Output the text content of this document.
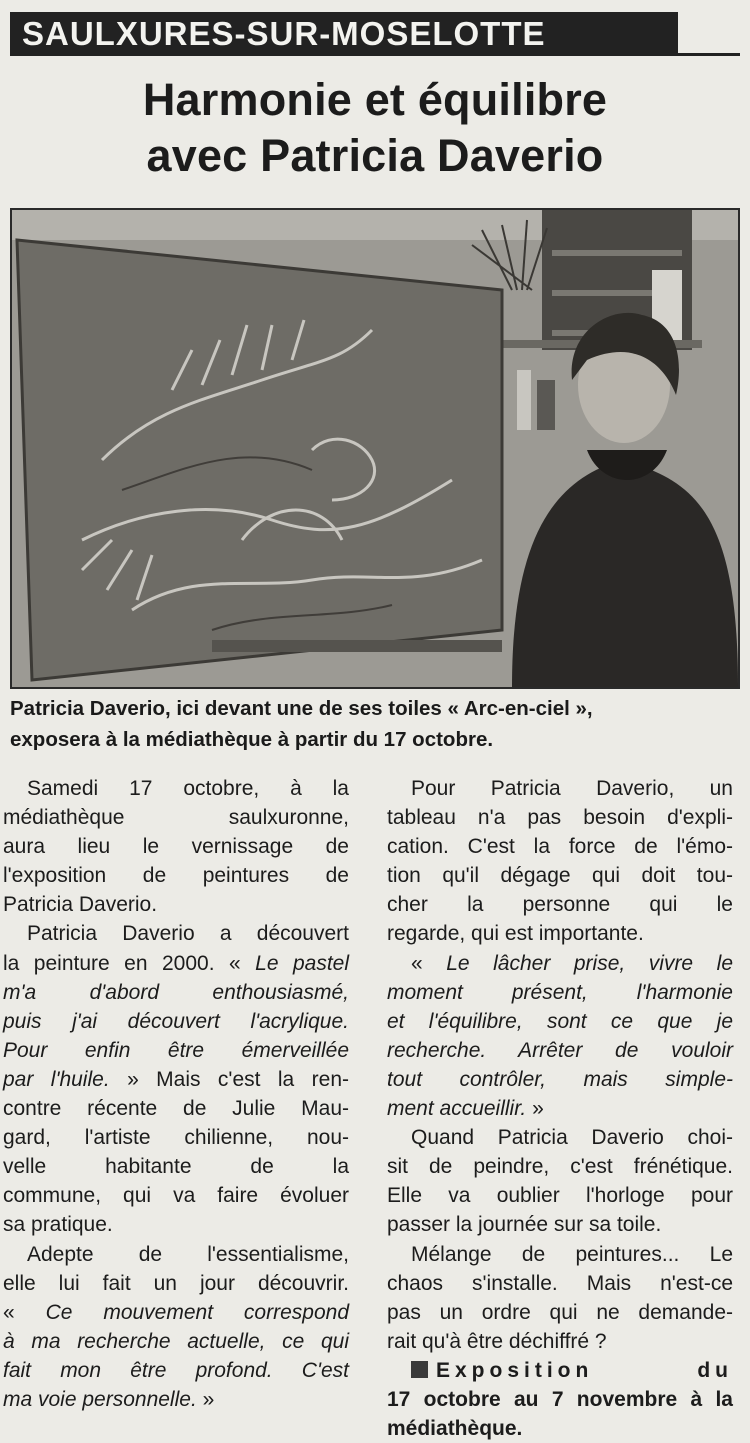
SAULXURES-SUR-MOSELOTTE
Harmonie et équilibre
avec Patricia Daverio
Patricia Daverio, ici devant une de ses toiles « Arc-en-ciel »,
exposera à la médiathèque à partir du 17 octobre.

Samedi 17 octobre, à la
médiathèque saulxuronne,
aura lieu le vernissage de
l'exposition de peintures de
Patricia Daverio.

Patricia Daverio a découvert
la peinture en 2000. « Le pastel
m'a d'abord enthousiasmé,
puis j'ai découvert l'acrylique.
Pour enfin être émerveillée
par l'huile. » Mais c'est la ren-
contre récente de Julie Mau-
gard, l'artiste chilienne, nou-
velle habitante de la
commune, qui va faire évoluer
sa pratique.

Adepte de l'essentialisme,
elle lui fait un jour découvrir.
« Ce mouvement correspond
à ma recherche actuelle, ce qui
fait mon être profond. C'est
ma voie personnelle. »

Pour Patricia Daverio, un
tableau n'a pas besoin d'expli-
cation. C'est la force de l'émo-
tion qu'il dégage qui doit tou-
cher la personne qui le
regarde, qui est importante.

« Le lâcher prise, vivre le
moment présent, l'harmonie
et l'équilibre, sont ce que je
recherche. Arrêter de vouloir
tout contrôler, mais simple-
ment accueillir. »

Quand Patricia Daverio choi-
sit de peindre, c'est frénétique.
Elle va oublier l'horloge pour
passer la journée sur sa toile.

Mélange de peintures... Le
chaos s'installe. Mais n'est-ce
pas un ordre qui ne demande-
rait qu'à être déchiffré ?

Exposition du
17 octobre au 7 novembre à la
médiathèque.
